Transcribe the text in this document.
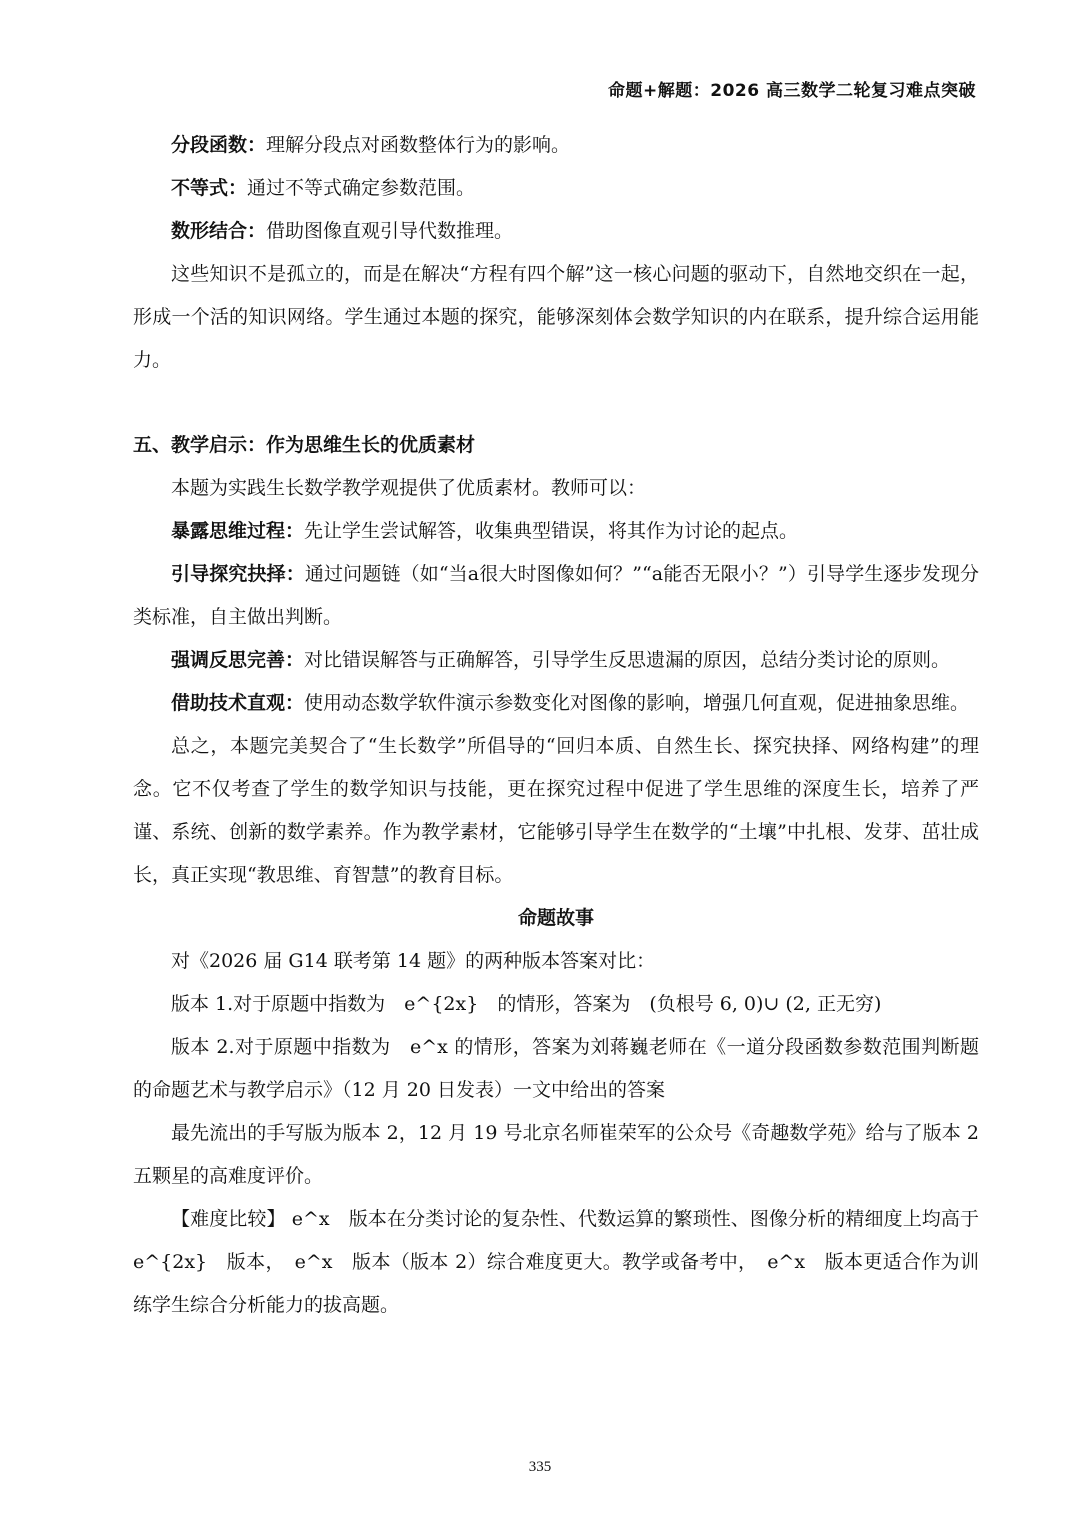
命题+解题：2026 高三数学二轮复习难点突破

分段函数：理解分段点对函数整体行为的影响。

不等式：通过不等式确定参数范围。

数形结合：借助图像直观引导代数推理。

这些知识不是孤立的，而是在解决“方程有四个解”这一核心问题的驱动下，自然地交织在一起，形成一个活的知识网络。学生通过本题的探究，能够深刻体会数学知识的内在联系，提升综合运用能力。

五、教学启示：作为思维生长的优质素材

本题为实践生长数学教学观提供了优质素材。教师可以：

暴露思维过程：先让学生尝试解答，收集典型错误，将其作为讨论的起点。

引导探究抉择：通过问题链（如“当a很大时图像如何？”“a能否无限小？”）引导学生逐步发现分类标准，自主做出判断。

强调反思完善：对比错误解答与正确解答，引导学生反思遗漏的原因，总结分类讨论的原则。

借助技术直观：使用动态数学软件演示参数变化对图像的影响，增强几何直观，促进抽象思维。

总之，本题完美契合了“生长数学”所倡导的“回归本质、自然生长、探究抉择、网络构建”的理念。它不仅考查了学生的数学知识与技能，更在探究过程中促进了学生思维的深度生长，培养了严谨、系统、创新的数学素养。作为教学素材，它能够引导学生在数学的“土壤”中扎根、发芽、茁壮成长，真正实现“教思维、育智慧”的教育目标。

命题故事

对《2026 届 G14 联考第 14 题》的两种版本答案对比：

版本 1.对于原题中指数为　e^{2x}　的情形，答案为　(负根号 6, 0)∪ (2, 正无穷)

版本 2.对于原题中指数为　e^x 的情形，答案为刘蒋巍老师在《一道分段函数参数范围判断题的命题艺术与教学启示》（12 月 20 日发表）一文中给出的答案

最先流出的手写版为版本 2，12 月 19 号北京名师崔荣军的公众号《奇趣数学苑》给与了版本 2 五颗星的高难度评价。

【难度比较】 e^x　版本在分类讨论的复杂性、代数运算的繁琐性、图像分析的精细度上均高于　e^{2x}　版本，　e^x　版本（版本 2）综合难度更大。教学或备考中，　e^x　版本更适合作为训练学生综合分析能力的拔高题。

335
